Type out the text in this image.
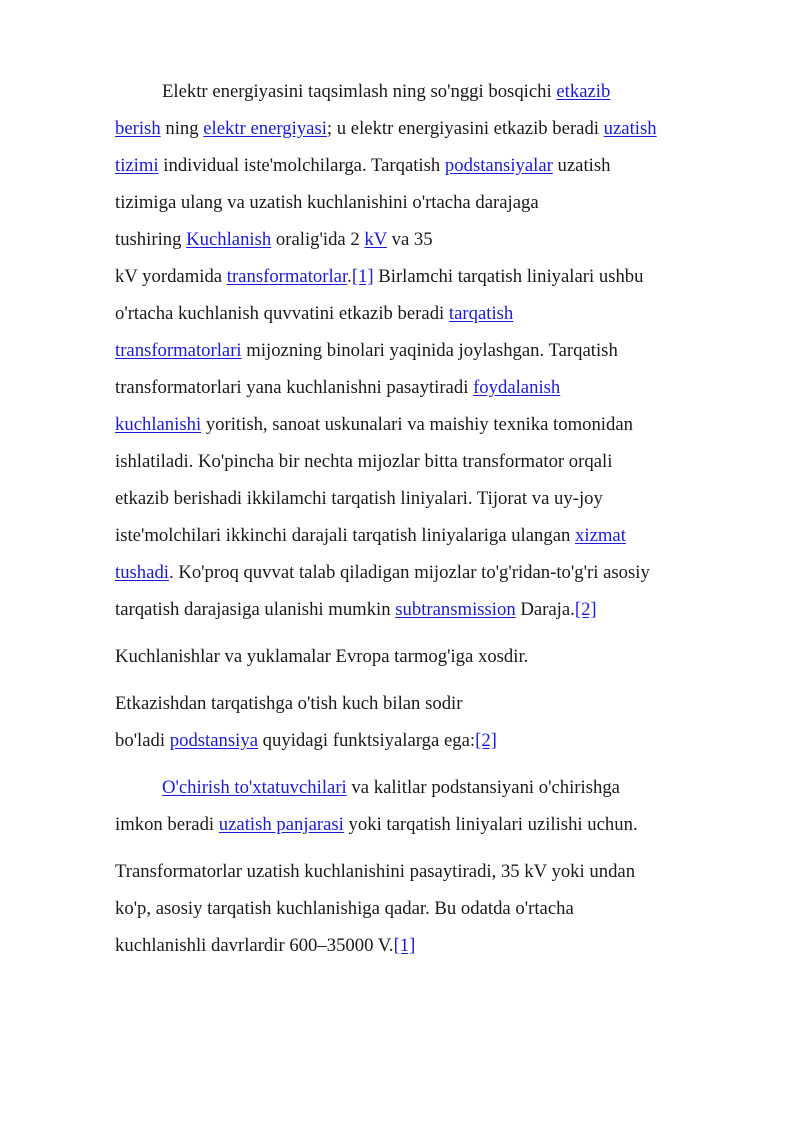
Elektr energiyasini taqsimlash ning so'nggi bosqichi etkazib
berish ning elektr energiyasi; u elektr energiyasini etkazib beradi uzatish
tizimi individual iste'molchilarga. Tarqatish podstansiyalar uzatish
tizimiga ulang va uzatish kuchlanishini o'rtacha darajaga
tushiring Kuchlanish oralig'ida 2 kV va 35
kV yordamida transformatorlar.[1] Birlamchi tarqatish liniyalari ushbu
o'rtacha kuchlanish quvvatini etkazib beradi tarqatish
transformatorlari mijozning binolari yaqinida joylashgan. Tarqatish
transformatorlari yana kuchlanishni pasaytiradi foydalanish
kuchlanishi yoritish, sanoat uskunalari va maishiy texnika tomonidan
ishlatiladi. Ko'pincha bir nechta mijozlar bitta transformator orqali
etkazib berishadi ikkilamchi tarqatish liniyalari. Tijorat va uy-joy
iste'molchilari ikkinchi darajali tarqatish liniyalariga ulangan xizmat
tushadi. Ko'proq quvvat talab qiladigan mijozlar to'g'ridan-to'g'ri asosiy
tarqatish darajasiga ulanishi mumkin subtransmission Daraja.[2]

Kuchlanishlar va yuklamalar Evropa tarmog'iga xosdir.

Etkazishdan tarqatishga o'tish kuch bilan sodir
bo'ladi podstansiya quyidagi funktsiyalarga ega:[2]

O'chirish to'xtatuvchilari va kalitlar podstansiyani o'chirishga
imkon beradi uzatish panjarasi yoki tarqatish liniyalari uzilishi uchun.

Transformatorlar uzatish kuchlanishini pasaytiradi, 35 kV yoki undan
ko'p, asosiy tarqatish kuchlanishiga qadar. Bu odatda o'rtacha
kuchlanishli davrlardir 600–35000 V.[1]
